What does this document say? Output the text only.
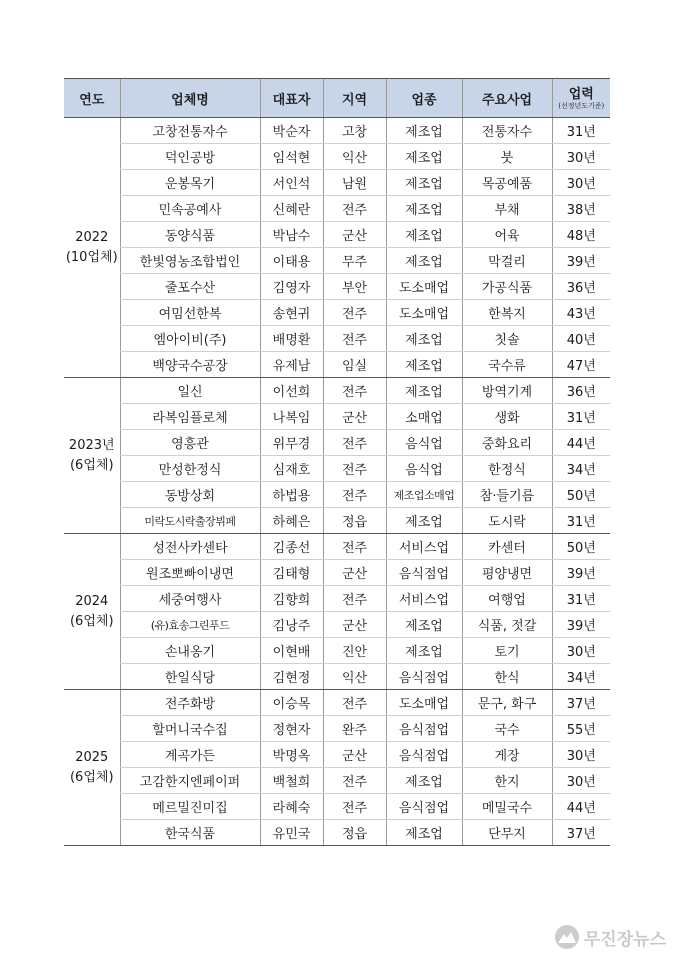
연도	업체명	대표자	지역	업종	주요사업	업력
(선정년도기준)

2022
(10업체)	고창전통자수	박순자	고창	제조업	전통자수	31년
	덕인공방	임석현	익산	제조업	붓	30년
	운봉목기	서인석	남원	제조업	목공예품	30년
	민속공예사	신혜란	전주	제조업	부채	38년
	동양식품	박남수	군산	제조업	어육	48년
	한빛영농조합법인	이태용	무주	제조업	막걸리	39년
	줄포수산	김영자	부안	도소매업	가공식품	36년
	여밈선한복	송현귀	전주	도소매업	한복지	43년
	엠아이비(주)	배명환	전주	제조업	칫솔	40년
	백양국수공장	유제남	임실	제조업	국수류	47년

2023년
(6업체)	일신	이선희	전주	제조업	방역기계	36년
	라복임플로체	나복임	군산	소매업	생화	31년
	영흥관	위무경	전주	음식업	중화요리	44년
	만성한정식	심재호	전주	음식업	한정식	34년
	동방상회	하법용	전주	제조업소매업	참·들기름	50년
	미락도시락출장뷔페	하혜은	정읍	제조업	도시락	31년

2024
(6업체)	성전사카센타	김종선	전주	서비스업	카센터	50년
	원조뽀빠이냉면	김태형	군산	음식점업	평양냉면	39년
	세중여행사	김향희	전주	서비스업	여행업	31년
	(유)효송그린푸드	김낭주	군산	제조업	식품, 젓갈	39년
	손내옹기	이현배	진안	제조업	토기	30년
	한일식당	김현정	익산	음식점업	한식	34년

2025
(6업체)	전주화방	이승목	전주	도소매업	문구, 화구	37년
	할머니국수집	정현자	완주	음식점업	국수	55년
	계곡가든	박명옥	군산	음식점업	게장	30년
	고감한지엔페이퍼	백철희	전주	제조업	한지	30년
	메르밀진미집	라혜숙	전주	음식점업	메밀국수	44년
	한국식품	유민국	정읍	제조업	단무지	37년
무진장뉴스
